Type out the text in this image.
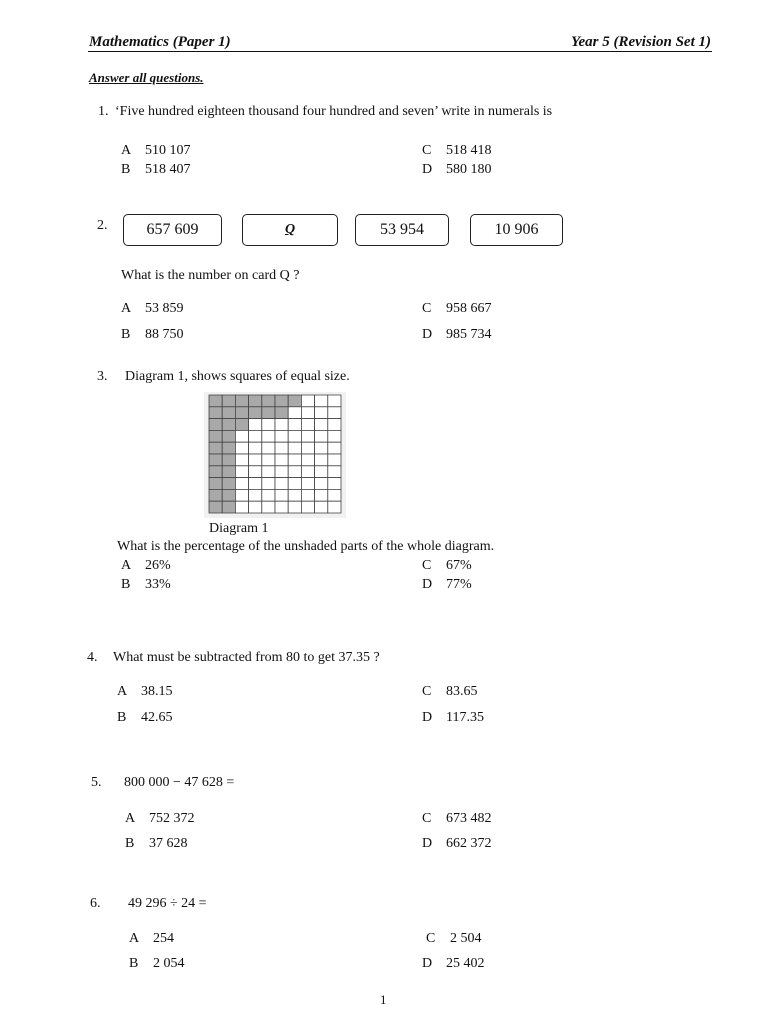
Mathematics (Paper 1)	Year 5 (Revision Set 1)
Answer all questions.
1. ‘Five hundred eighteen thousand four hundred and seven’ write in numerals is
A 510 107
B 518 407
C 518 418
D 580 180
2.	657 609	Q	53 954	10 906
What is the number on card Q ?
A 53 859
B 88 750
C 958 667
D 985 734
3. Diagram 1, shows squares of equal size.
Diagram 1
What is the percentage of the unshaded parts of the whole diagram.
A 26%
B 33%
C 67%
D 77%
4. What must be subtracted from 80 to get 37.35 ?
A 38.15
B 42.65
C 83.65
D 117.35
5. 800 000 − 47 628 =
A 752 372
B 37 628
C 673 482
D 662 372
6. 49 296 ÷ 24 =
A 254
B 2 054
C 2 504
D 25 402
1
